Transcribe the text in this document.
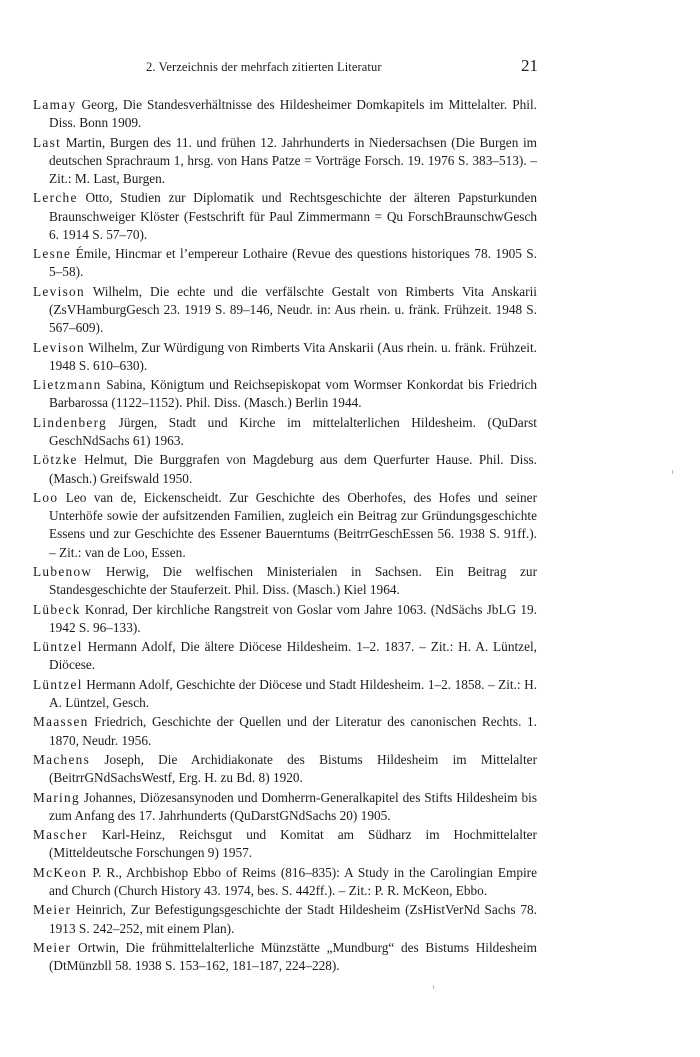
2. Verzeichnis der mehrfach zitierten Literatur	21

Lamay Georg, Die Standesverhältnisse des Hildesheimer Domkapitels im Mittelalter. Phil. Diss. Bonn 1909.

Last Martin, Burgen des 11. und frühen 12. Jahrhunderts in Niedersachsen (Die Burgen im deutschen Sprachraum 1, hrsg. von Hans Patze = Vorträge Forsch. 19. 1976 S. 383–513). – Zit.: M. Last, Burgen.

Lerche Otto, Studien zur Diplomatik und Rechtsgeschichte der älteren Papsturkunden Braunschweiger Klöster (Festschrift für Paul Zimmermann = Qu ForschBraunschwGesch 6. 1914 S. 57–70).

Lesne Émile, Hincmar et l’empereur Lothaire (Revue des questions historiques 78. 1905 S. 5–58).

Levison Wilhelm, Die echte und die verfälschte Gestalt von Rimberts Vita Anskarii (ZsVHamburgGesch 23. 1919 S. 89–146, Neudr. in: Aus rhein. u. fränk. Frühzeit. 1948 S. 567–609).

Levison Wilhelm, Zur Würdigung von Rimberts Vita Anskarii (Aus rhein. u. fränk. Frühzeit. 1948 S. 610–630).

Lietzmann Sabina, Königtum und Reichsepiskopat vom Wormser Konkordat bis Friedrich Barbarossa (1122–1152). Phil. Diss. (Masch.) Berlin 1944.

Lindenberg Jürgen, Stadt und Kirche im mittelalterlichen Hildesheim. (QuDarst GeschNdSachs 61) 1963.

Lötzke Helmut, Die Burggrafen von Magdeburg aus dem Querfurter Hause. Phil. Diss. (Masch.) Greifswald 1950.

Loo Leo van de, Eickenscheidt. Zur Geschichte des Oberhofes, des Hofes und seiner Unterhöfe sowie der aufsitzenden Familien, zugleich ein Beitrag zur Gründungsgeschichte Essens und zur Geschichte des Essener Bauerntums (BeitrrGeschEssen 56. 1938 S. 91ff.). – Zit.: van de Loo, Essen.

Lubenow Herwig, Die welfischen Ministerialen in Sachsen. Ein Beitrag zur Standesgeschichte der Stauferzeit. Phil. Diss. (Masch.) Kiel 1964.

Lübeck Konrad, Der kirchliche Rangstreit von Goslar vom Jahre 1063. (NdSächs JbLG 19. 1942 S. 96–133).

Lüntzel Hermann Adolf, Die ältere Diöcese Hildesheim. 1–2. 1837. – Zit.: H. A. Lüntzel, Diöcese.

Lüntzel Hermann Adolf, Geschichte der Diöcese und Stadt Hildesheim. 1–2. 1858. – Zit.: H. A. Lüntzel, Gesch.

Maassen Friedrich, Geschichte der Quellen und der Literatur des canonischen Rechts. 1. 1870, Neudr. 1956.

Machens Joseph, Die Archidiakonate des Bistums Hildesheim im Mittelalter (BeitrrGNdSachsWestf, Erg. H. zu Bd. 8) 1920.

Maring Johannes, Diözesansynoden und Domherrn-Generalkapitel des Stifts Hildesheim bis zum Anfang des 17. Jahrhunderts (QuDarstGNdSachs 20) 1905.

Mascher Karl-Heinz, Reichsgut und Komitat am Südharz im Hochmittelalter (Mitteldeutsche Forschungen 9) 1957.

McKeon P. R., Archbishop Ebbo of Reims (816–835): A Study in the Carolingian Empire and Church (Church History 43. 1974, bes. S. 442ff.). – Zit.: P. R. McKeon, Ebbo.

Meier Heinrich, Zur Befestigungsgeschichte der Stadt Hildesheim (ZsHistVerNd Sachs 78. 1913 S. 242–252, mit einem Plan).

Meier Ortwin, Die frühmittelalterliche Münzstätte „Mundburg“ des Bistums Hildesheim (DtMünzbll 58. 1938 S. 153–162, 181–187, 224–228).
